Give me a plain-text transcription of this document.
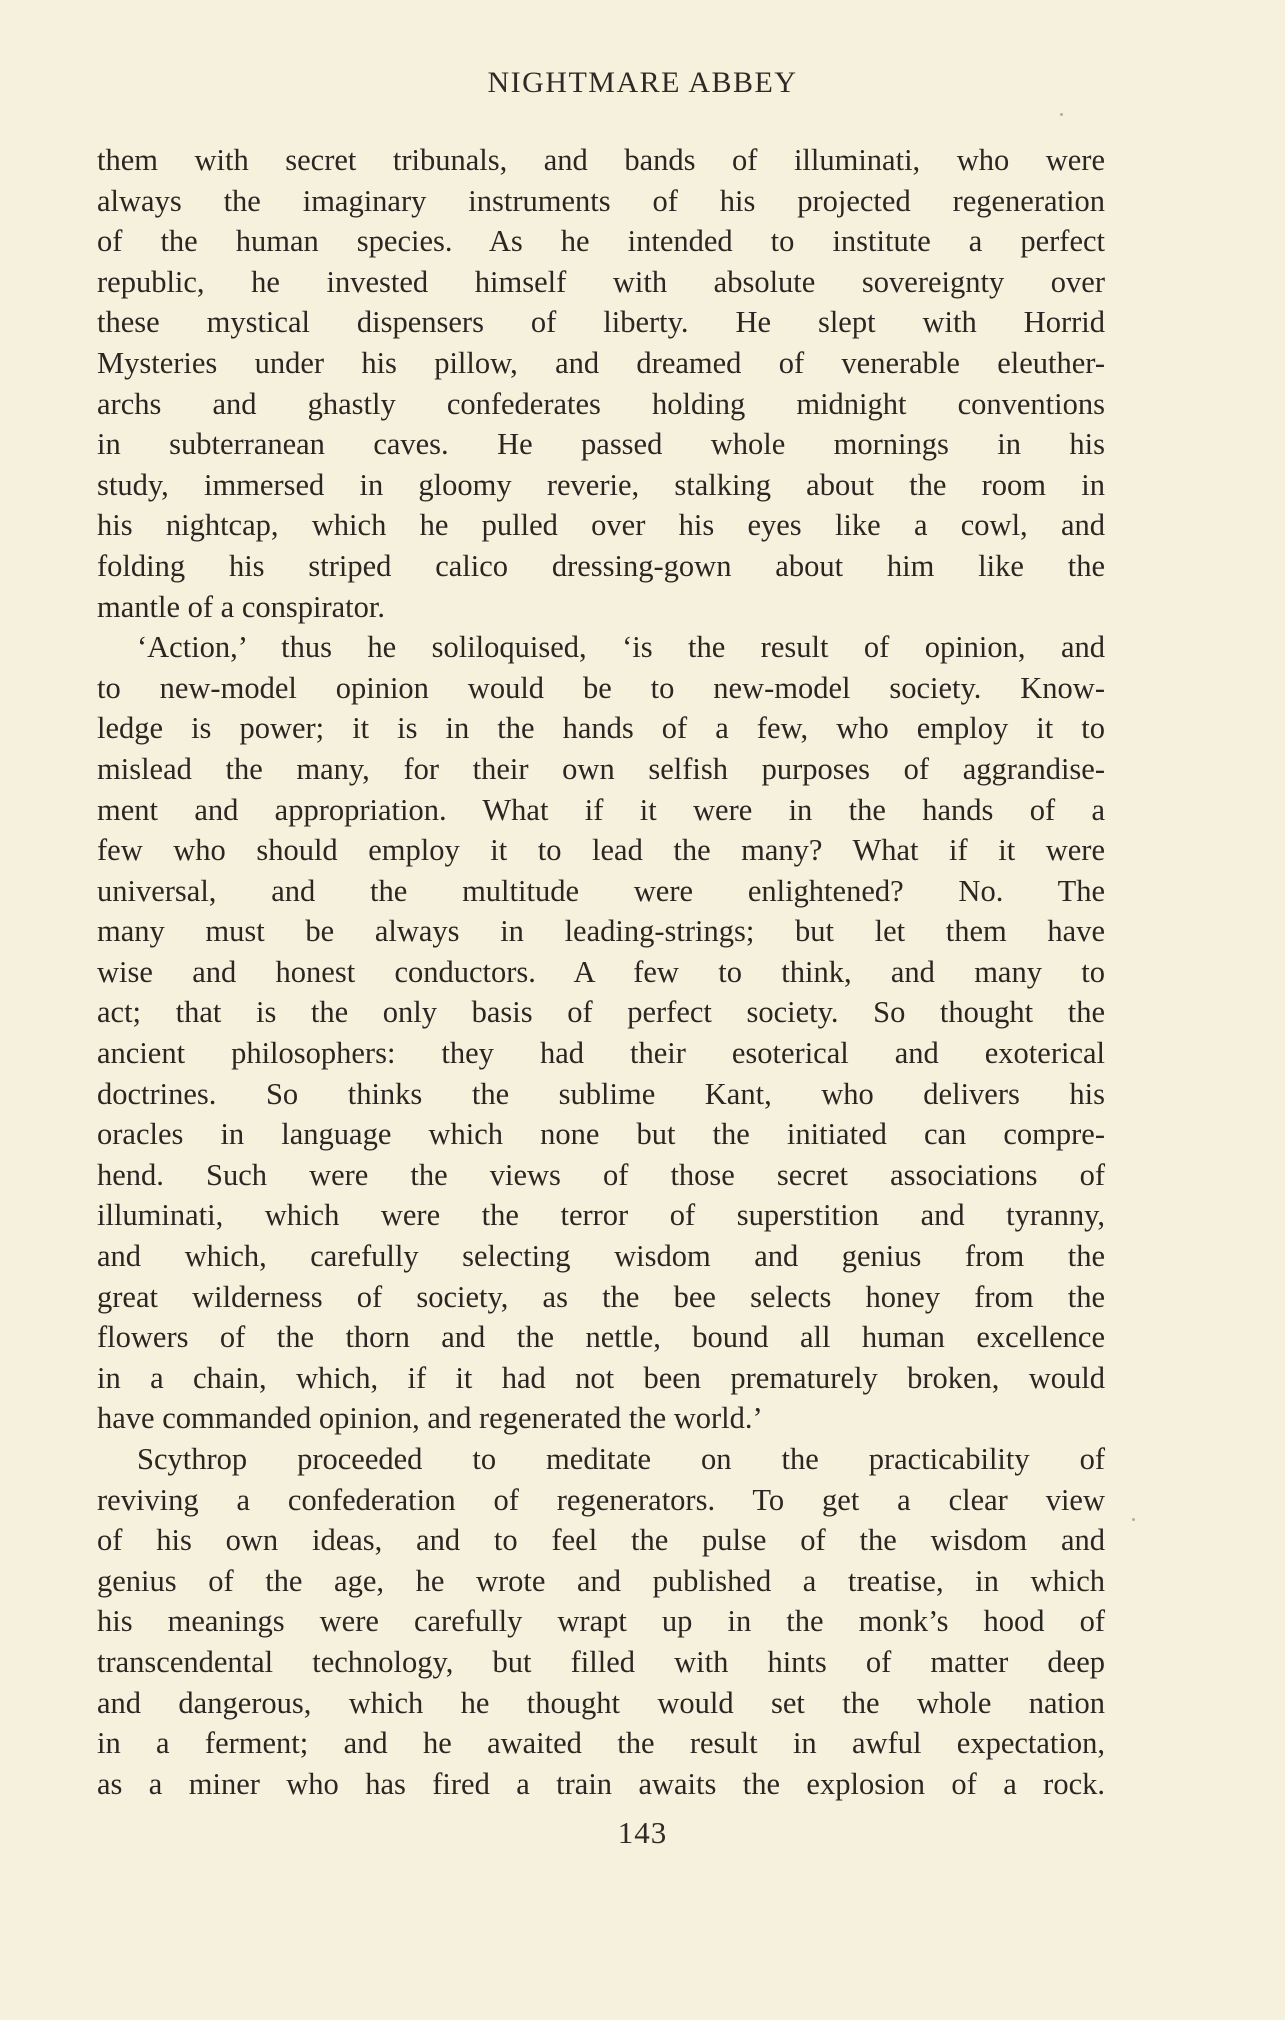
NIGHTMARE ABBEY
them with secret tribunals, and bands of illuminati, who were
always the imaginary instruments of his projected regeneration
of the human species. As he intended to institute a perfect
republic, he invested himself with absolute sovereignty over
these mystical dispensers of liberty. He slept with Horrid
Mysteries under his pillow, and dreamed of venerable eleuther-
archs and ghastly confederates holding midnight conventions
in subterranean caves. He passed whole mornings in his
study, immersed in gloomy reverie, stalking about the room in
his nightcap, which he pulled over his eyes like a cowl, and
folding his striped calico dressing-gown about him like the
mantle of a conspirator.
‘Action,’ thus he soliloquised, ‘is the result of opinion, and
to new-model opinion would be to new-model society. Know-
ledge is power; it is in the hands of a few, who employ it to
mislead the many, for their own selfish purposes of aggrandise-
ment and appropriation. What if it were in the hands of a
few who should employ it to lead the many? What if it were
universal, and the multitude were enlightened? No. The
many must be always in leading-strings; but let them have
wise and honest conductors. A few to think, and many to
act; that is the only basis of perfect society. So thought the
ancient philosophers: they had their esoterical and exoterical
doctrines. So thinks the sublime Kant, who delivers his
oracles in language which none but the initiated can compre-
hend. Such were the views of those secret associations of
illuminati, which were the terror of superstition and tyranny,
and which, carefully selecting wisdom and genius from the
great wilderness of society, as the bee selects honey from the
flowers of the thorn and the nettle, bound all human excellence
in a chain, which, if it had not been prematurely broken, would
have commanded opinion, and regenerated the world.’
Scythrop proceeded to meditate on the practicability of
reviving a confederation of regenerators. To get a clear view
of his own ideas, and to feel the pulse of the wisdom and
genius of the age, he wrote and published a treatise, in which
his meanings were carefully wrapt up in the monk’s hood of
transcendental technology, but filled with hints of matter deep
and dangerous, which he thought would set the whole nation
in a ferment; and he awaited the result in awful expectation,
as a miner who has fired a train awaits the explosion of a rock.
143
